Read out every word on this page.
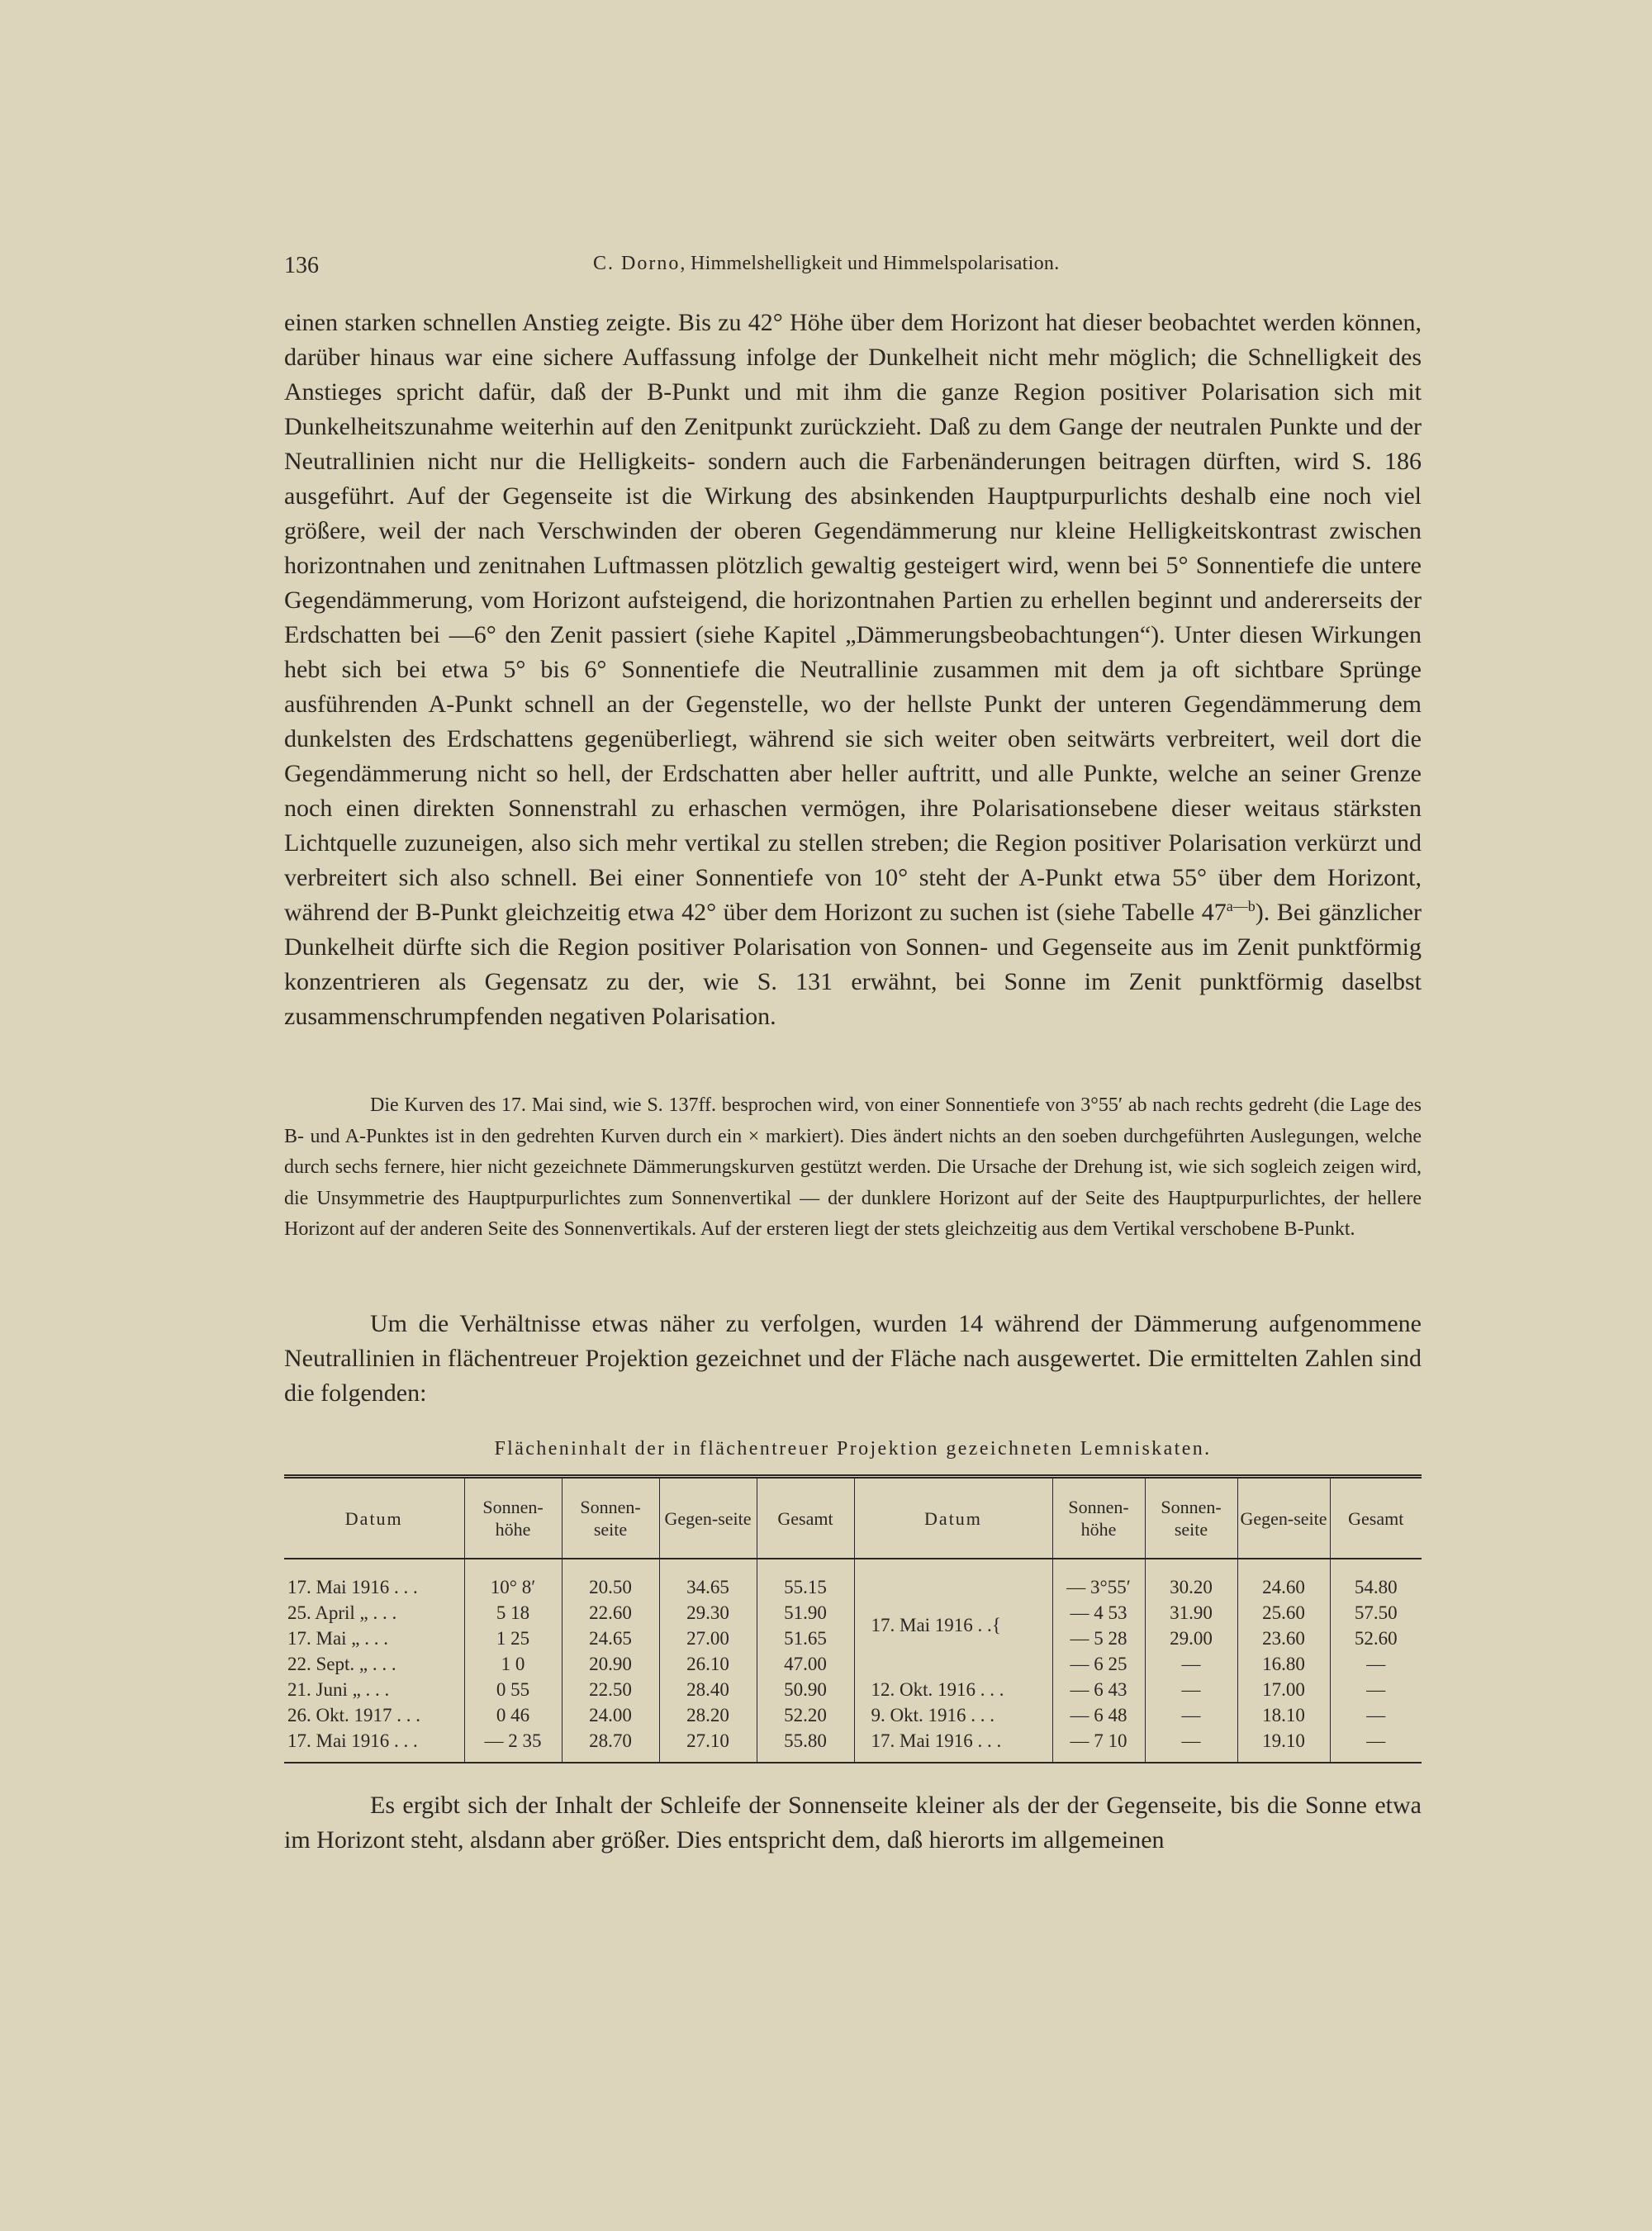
136	C. Dorno, Himmelshelligkeit und Himmelspolarisation.
einen starken schnellen Anstieg zeigte. Bis zu 42° Höhe über dem Horizont hat dieser beobachtet werden können, darüber hinaus war eine sichere Auffassung infolge der Dunkelheit nicht mehr möglich; die Schnelligkeit des Anstieges spricht dafür, daß der B-Punkt und mit ihm die ganze Region positiver Polarisation sich mit Dunkelheitszunahme weiterhin auf den Zenitpunkt zurückzieht. Daß zu dem Gange der neutralen Punkte und der Neutrallinien nicht nur die Helligkeits- sondern auch die Farbenänderungen beitragen dürften, wird S. 186 ausgeführt. Auf der Gegenseite ist die Wirkung des absinkenden Hauptpurpurlichts deshalb eine noch viel größere, weil der nach Verschwinden der oberen Gegendämmerung nur kleine Helligkeitskontrast zwischen horizontnahen und zenitnahen Luftmassen plötzlich gewaltig gesteigert wird, wenn bei 5° Sonnentiefe die untere Gegendämmerung, vom Horizont aufsteigend, die horizontnahen Partien zu erhellen beginnt und andererseits der Erdschatten bei —6° den Zenit passiert (siehe Kapitel „Dämmerungsbeobachtungen“). Unter diesen Wirkungen hebt sich bei etwa 5° bis 6° Sonnentiefe die Neutrallinie zusammen mit dem ja oft sichtbare Sprünge ausführenden A-Punkt schnell an der Gegenstelle, wo der hellste Punkt der unteren Gegendämmerung dem dunkelsten des Erdschattens gegenüberliegt, während sie sich weiter oben seitwärts verbreitert, weil dort die Gegendämmerung nicht so hell, der Erdschatten aber heller auftritt, und alle Punkte, welche an seiner Grenze noch einen direkten Sonnenstrahl zu erhaschen vermögen, ihre Polarisationsebene dieser weitaus stärksten Lichtquelle zuzuneigen, also sich mehr vertikal zu stellen streben; die Region positiver Polarisation verkürzt und verbreitert sich also schnell. Bei einer Sonnentiefe von 10° steht der A-Punkt etwa 55° über dem Horizont, während der B-Punkt gleichzeitig etwa 42° über dem Horizont zu suchen ist (siehe Tabelle $47^{a—b}$). Bei gänzlicher Dunkelheit dürfte sich die Region positiver Polarisation von Sonnen- und Gegenseite aus im Zenit punktförmig konzentrieren als Gegensatz zu der, wie S. 131 erwähnt, bei Sonne im Zenit punktförmig daselbst zusammenschrumpfenden negativen Polarisation.
Die Kurven des 17. Mai sind, wie S. 137ff. besprochen wird, von einer Sonnentiefe von 3°55′ ab nach rechts gedreht (die Lage des B- und A-Punktes ist in den gedrehten Kurven durch ein × markiert). Dies ändert nichts an den soeben durchgeführten Auslegungen, welche durch sechs fernere, hier nicht gezeichnete Dämmerungskurven gestützt werden. Die Ursache der Drehung ist, wie sich sogleich zeigen wird, die Unsymmetrie des Hauptpurpurlichtes zum Sonnenvertikal — der dunklere Horizont auf der Seite des Hauptpurpurlichtes, der hellere Horizont auf der anderen Seite des Sonnenvertikals. Auf der ersteren liegt der stets gleichzeitig aus dem Vertikal verschobene B-Punkt.
Um die Verhältnisse etwas näher zu verfolgen, wurden 14 während der Dämmerung aufgenommene Neutrallinien in flächentreuer Projektion gezeichnet und der Fläche nach ausgewertet. Die ermittelten Zahlen sind die folgenden:
Flächeninhalt der in flächentreuer Projektion gezeichneten Lemniskaten.
Datum	Sonnen-höhe	Sonnen-seite	Gegen-seite	Gesamt	Datum	Sonnen-höhe	Sonnen-seite	Gegen-seite	Gesamt
17. Mai 1916 . . .	10° 8′	20.50	34.65	55.15	17. Mai 1916 . .{	— 3°55′	30.20	24.60	54.80
25. April „ . . .	5 18	22.60	29.30	51.90		— 4 53	31.90	25.60	57.50
17. Mai „ . . .	1 25	24.65	27.00	51.65		— 5 28	29.00	23.60	52.60
22. Sept. „ . . .	1 0	20.90	26.10	47.00		— 6 25	—	16.80	—
21. Juni „ . . .	0 55	22.50	28.40	50.90	12. Okt. 1916 . . .	— 6 43	—	17.00	—
26. Okt. 1917 . . .	0 46	24.00	28.20	52.20	9. Okt. 1916 . . .	— 6 48	—	18.10	—
17. Mai 1916 . . .	— 2 35	28.70	27.10	55.80	17. Mai 1916 . . .	— 7 10	—	19.10	—
Es ergibt sich der Inhalt der Schleife der Sonnenseite kleiner als der der Gegenseite, bis die Sonne etwa im Horizont steht, alsdann aber größer. Dies entspricht dem, daß hierorts im allgemeinen
